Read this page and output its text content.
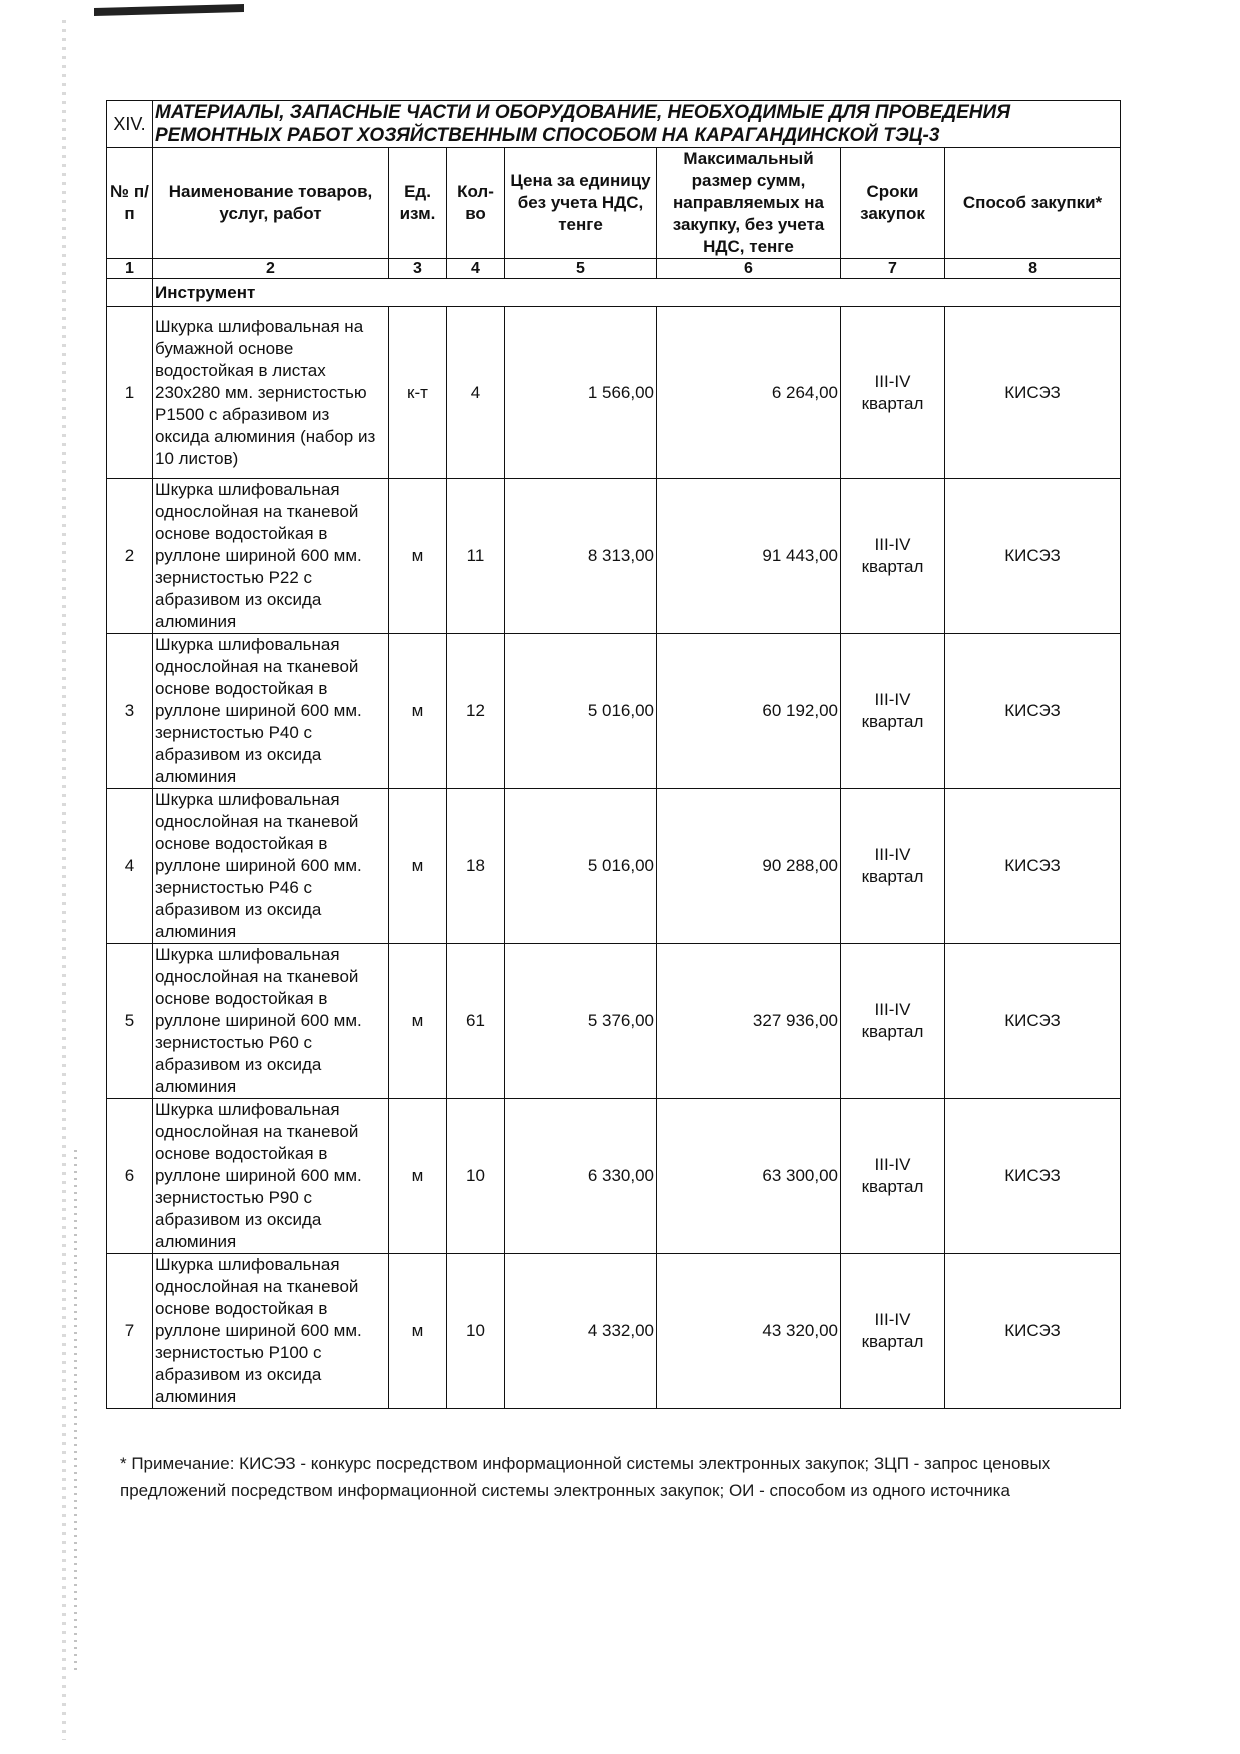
XIV.	МАТЕРИАЛЫ, ЗАПАСНЫЕ ЧАСТИ И ОБОРУДОВАНИЕ, НЕОБХОДИМЫЕ ДЛЯ ПРОВЕДЕНИЯ РЕМОНТНЫХ РАБОТ ХОЗЯЙСТВЕННЫМ СПОСОБОМ НА КАРАГАНДИНСКОЙ ТЭЦ-3						
№ п/п	Наименование товаров, услуг, работ	Ед. изм.	Кол-во	Цена за единицу без учета НДС, тенге	Максимальный размер сумм, направляемых на закупку, без учета НДС, тенге	Сроки закупок	Способ закупки*
1	2	3	4	5	6	7	8
	Инструмент						
1	Шкурка шлифовальная на бумажной основе водостойкая в листах 230х280 мм. зернистостью Р1500 с абразивом из оксида алюминия (набор из 10 листов)	к-т	4	1 566,00	6 264,00	III-IV квартал	КИСЭЗ
2	Шкурка шлифовальная однослойная на тканевой основе водостойкая в руллоне шириной 600 мм. зернистостью Р22 с абразивом из оксида алюминия	м	11	8 313,00	91 443,00	III-IV квартал	КИСЭЗ
3	Шкурка шлифовальная однослойная на тканевой основе водостойкая в руллоне шириной 600 мм. зернистостью Р40 с абразивом из оксида алюминия	м	12	5 016,00	60 192,00	III-IV квартал	КИСЭЗ
4	Шкурка шлифовальная однослойная на тканевой основе водостойкая в руллоне шириной 600 мм. зернистостью Р46 с абразивом из оксида алюминия	м	18	5 016,00	90 288,00	III-IV квартал	КИСЭЗ
5	Шкурка шлифовальная однослойная на тканевой основе водостойкая в руллоне шириной 600 мм. зернистостью Р60 с абразивом из оксида алюминия	м	61	5 376,00	327 936,00	III-IV квартал	КИСЭЗ
6	Шкурка шлифовальная однослойная на тканевой основе водостойкая в руллоне шириной 600 мм. зернистостью Р90 с абразивом из оксида алюминия	м	10	6 330,00	63 300,00	III-IV квартал	КИСЭЗ
7	Шкурка шлифовальная однослойная на тканевой основе водостойкая в руллоне шириной 600 мм. зернистостью Р100 с абразивом из оксида алюминия	м	10	4 332,00	43 320,00	III-IV квартал	КИСЭЗ
* Примечание: КИСЭЗ - конкурс посредством информационной системы электронных закупок; ЗЦП - запрос ценовых предложений посредством информационной системы электронных закупок; ОИ - способом из одного источника
